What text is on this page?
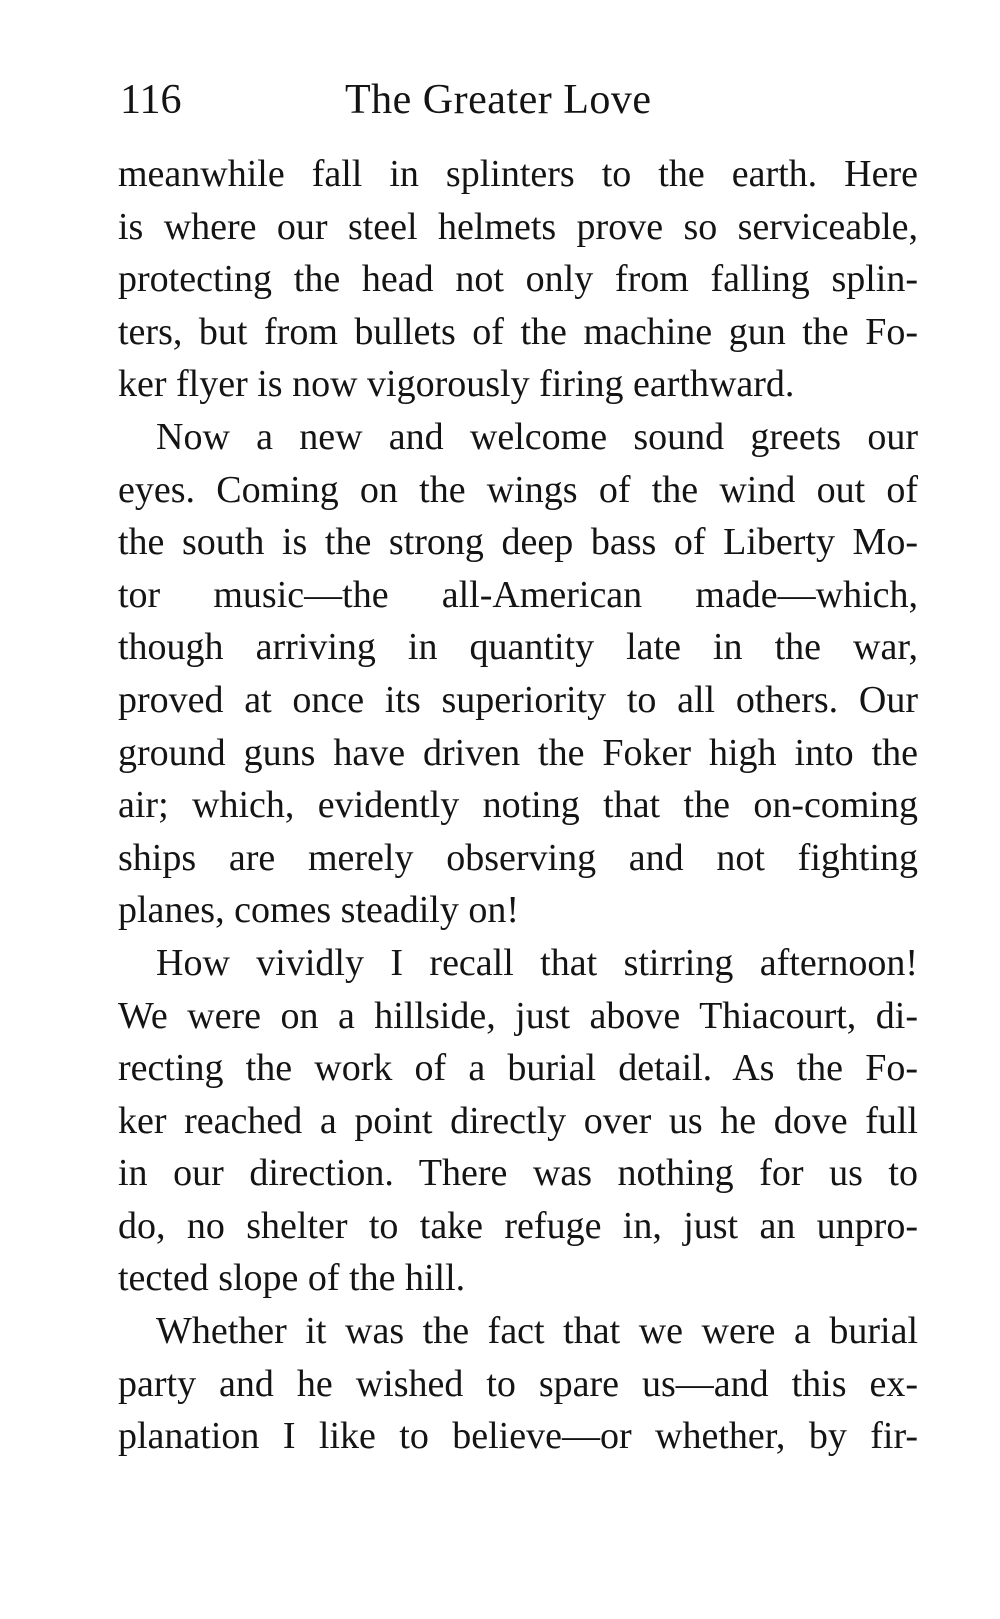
116	The Greater Love
meanwhile fall in splinters to the earth. Here
is where our steel helmets prove so serviceable,
protecting the head not only from falling splin-
ters, but from bullets of the machine gun the Fo-
ker flyer is now vigorously firing earthward.
Now a new and welcome sound greets our
eyes. Coming on the wings of the wind out of
the south is the strong deep bass of Liberty Mo-
tor music—the all-American made—which,
though arriving in quantity late in the war,
proved at once its superiority to all others. Our
ground guns have driven the Foker high into the
air; which, evidently noting that the on-coming
ships are merely observing and not fighting
planes, comes steadily on!
How vividly I recall that stirring afternoon!
We were on a hillside, just above Thiacourt, di-
recting the work of a burial detail. As the Fo-
ker reached a point directly over us he dove full
in our direction. There was nothing for us to
do, no shelter to take refuge in, just an unpro-
tected slope of the hill.
Whether it was the fact that we were a burial
party and he wished to spare us—and this ex-
planation I like to believe—or whether, by fir-
